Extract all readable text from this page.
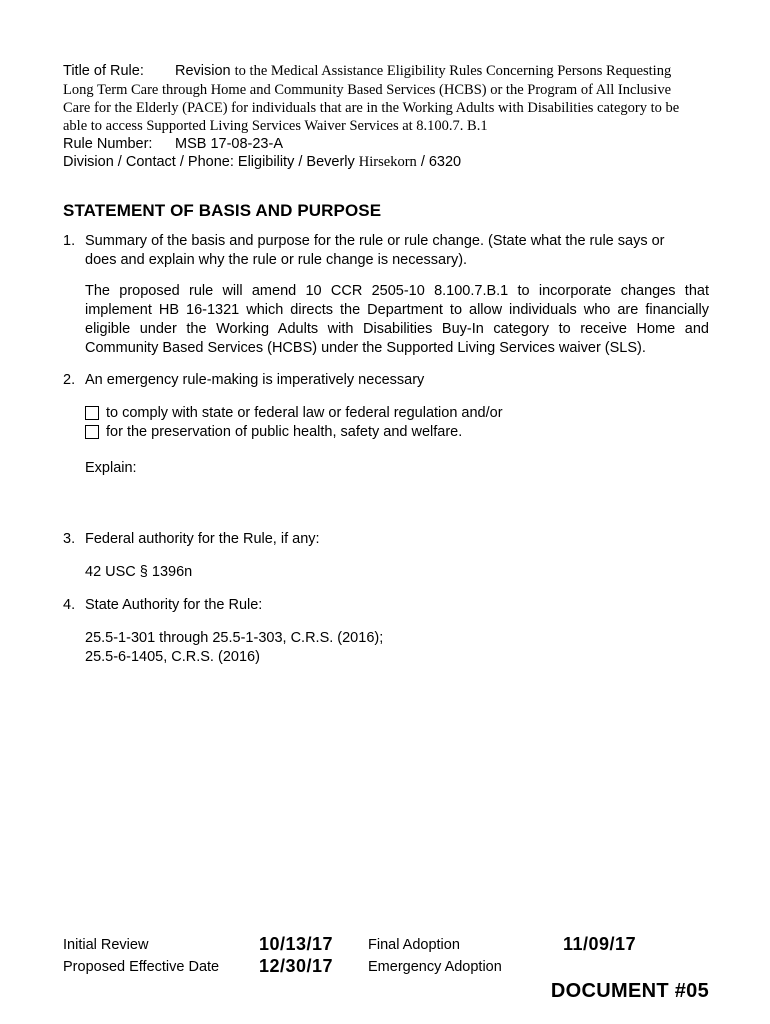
Title of Rule: Revision to the Medical Assistance Eligibility Rules Concerning Persons Requesting
Long Term Care through Home and Community Based Services (HCBS) or the Program of All Inclusive
Care for the Elderly (PACE) for individuals that are in the Working Adults with Disabilities category to be
able to access Supported Living Services Waiver Services at 8.100.7. B.1
Rule Number: MSB 17-08-23-A
Division / Contact / Phone: Eligibility / Beverly Hirsekorn / 6320
STATEMENT OF BASIS AND PURPOSE
1. Summary of the basis and purpose for the rule or rule change. (State what the rule says or
does and explain why the rule or rule change is necessary).
The proposed rule will amend 10 CCR 2505-10 8.100.7.B.1 to incorporate changes that implement HB 16-1321 which directs the Department to allow individuals who are financially eligible under the Working Adults with Disabilities Buy-In category to receive Home and Community Based Services (HCBS) under the Supported Living Services waiver (SLS).
2. An emergency rule-making is imperatively necessary
to comply with state or federal law or federal regulation and/or
for the preservation of public health, safety and welfare.
Explain:
3. Federal authority for the Rule, if any:
42 USC § 1396n
4. State Authority for the Rule:
25.5-1-301 through 25.5-1-303, C.R.S. (2016);
25.5-6-1405, C.R.S. (2016)
Initial Review	10/13/17 Final Adoption	11/09/17
Proposed Effective Date 12/30/17 Emergency Adoption
DOCUMENT #05
